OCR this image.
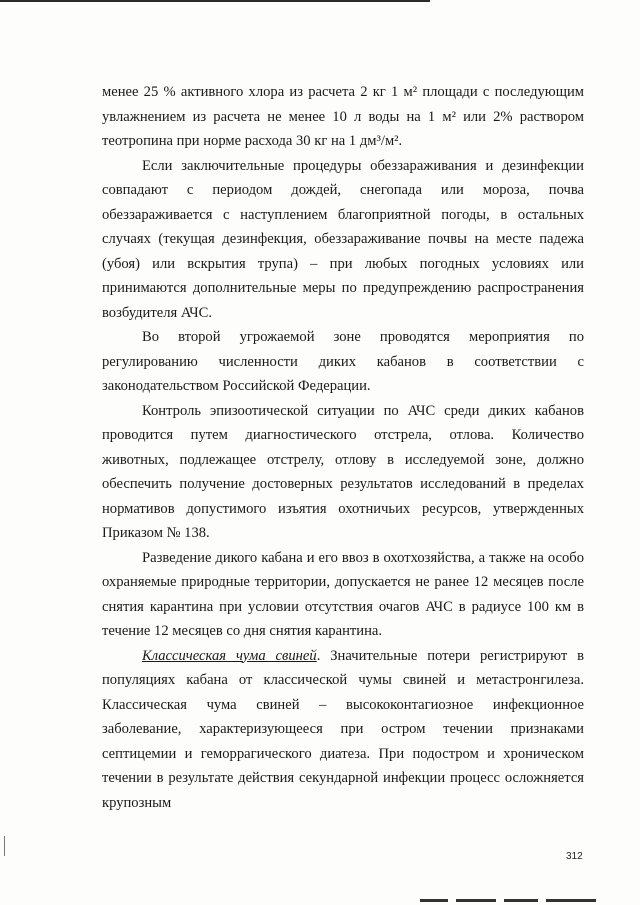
менее 25 % активного хлора из расчета 2 кг 1 м² площади с последующим увлажнением из расчета не менее 10 л воды на 1 м² или 2% раствором теотропина при норме расхода 30 кг на 1 дм³/м².

Если заключительные процедуры обеззараживания и дезинфекции совпадают с периодом дождей, снегопада или мороза, почва обеззараживается с наступлением благоприятной погоды, в остальных случаях (текущая дезинфекция, обеззараживание почвы на месте падежа (убоя) или вскрытия трупа) – при любых погодных условиях или принимаются дополнительные меры по предупреждению распространения возбудителя АЧС.

Во второй угрожаемой зоне проводятся мероприятия по регулированию численности диких кабанов в соответствии с законодательством Российской Федерации.

Контроль эпизоотической ситуации по АЧС среди диких кабанов проводится путем диагностического отстрела, отлова. Количество животных, подлежащее отстрелу, отлову в исследуемой зоне, должно обеспечить получение достоверных результатов исследований в пределах нормативов допустимого изъятия охотничьих ресурсов, утвержденных Приказом № 138.

Разведение дикого кабана и его ввоз в охотхозяйства, а также на особо охраняемые природные территории, допускается не ранее 12 месяцев после снятия карантина при условии отсутствия очагов АЧС в радиусе 100 км в течение 12 месяцев со дня снятия карантина.

Классическая чума свиней. Значительные потери регистрируют в популяциях кабана от классической чумы свиней и метастронгилеза. Классическая чума свиней – высококонтагиозное инфекционное заболевание, характеризующееся при остром течении признаками септицемии и геморрагического диатеза. При подостром и хроническом течении в результате действия секундарной инфекции процесс осложняется крупозным

312
